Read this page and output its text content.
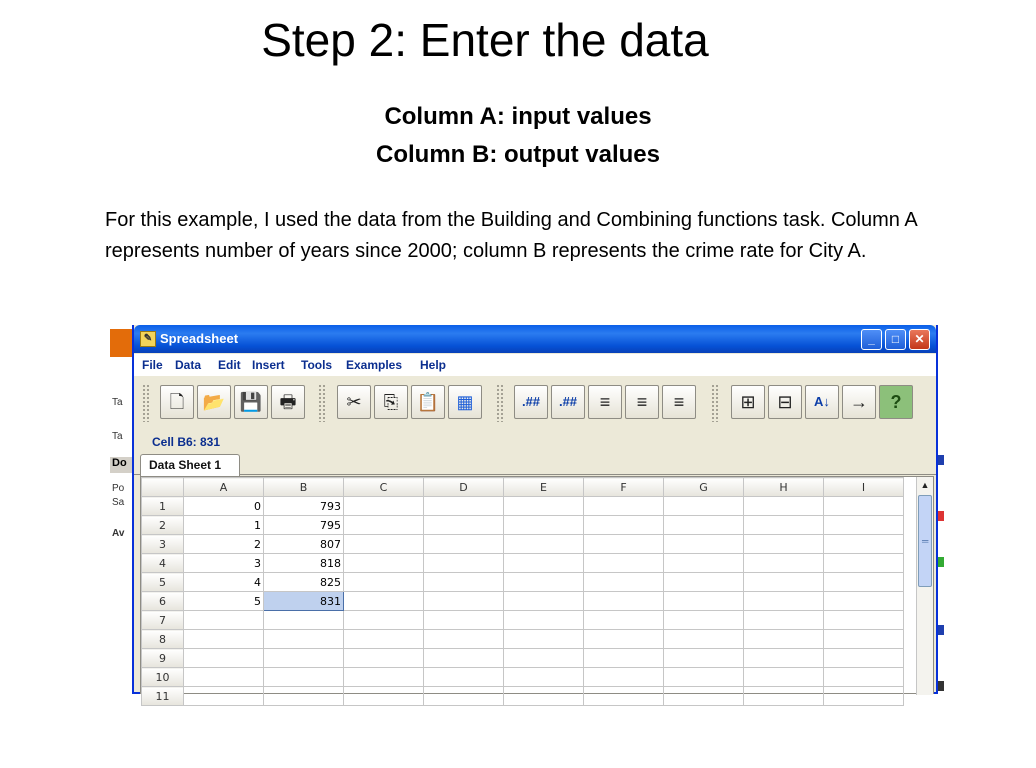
Step 2: Enter the data
Column A: input values
Column B: output values
For this example, I used the data from the Building and Combining functions task. Column A represents number of years since 2000; column B represents the crime rate for City A.
Ta
Ta
Do
Po
Sa
Av
✎ Spreadsheet	_	□	✕
File Data Edit Insert Tools Examples Help
🗋	📂 💾 🖶	✂	⎘	📋 ▦	.##	.##	≡	≡	≡	⊞	⊟	A↓	→	?
Cell B6: 831
Data Sheet 1
	A	B	C	D	E	F	G	H	I
1	0	793							
2	1	795							
3	2	807							
4	3	818							
5	4	825							
6	5	831							
7									
8									
9									
10									
11									
▲
═
